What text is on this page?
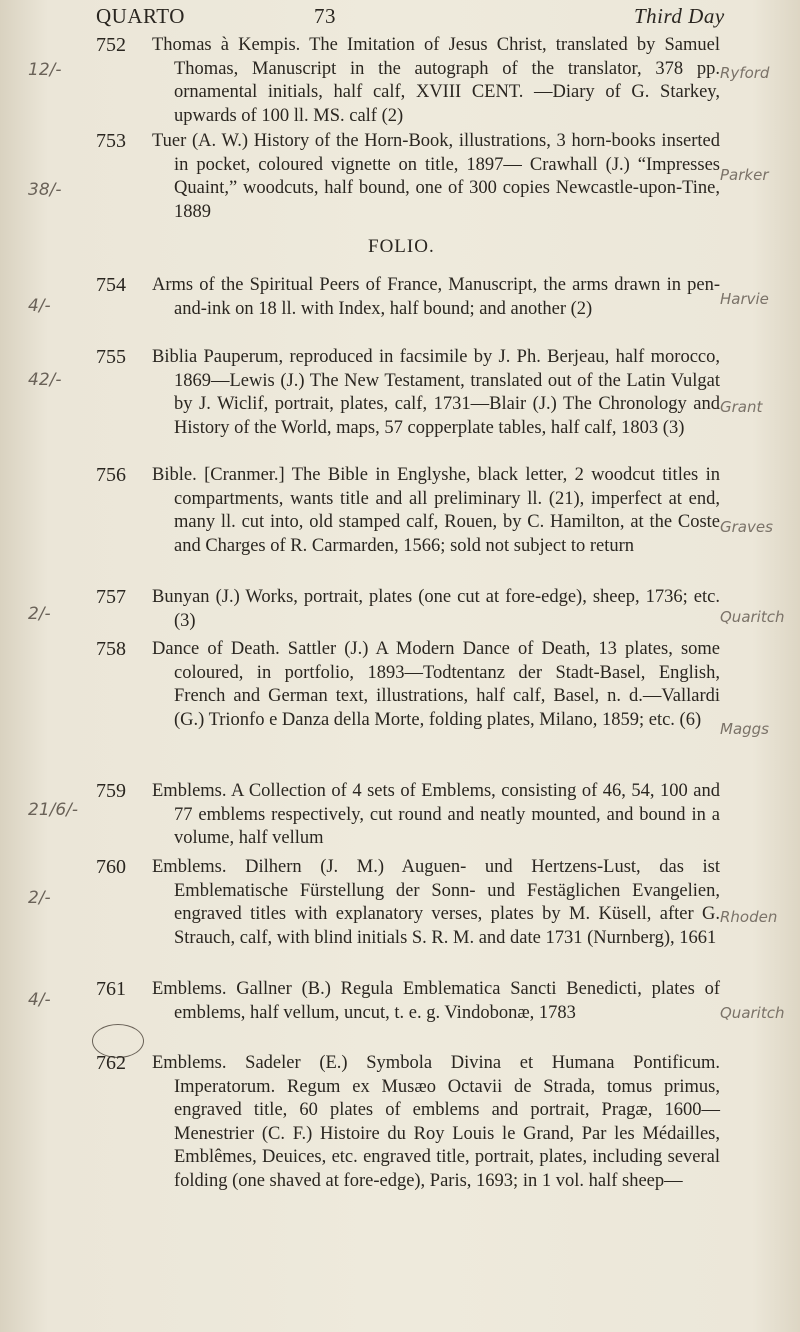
QUARTO	73	Third Day
752 Thomas à Kempis. The Imitation of Jesus Christ, translated by Samuel Thomas, Manuscript in the autograph of the translator, 378 pp. ornamental initials, half calf, XVIII CENT. —Diary of G. Starkey, upwards of 100 ll. MS. calf (2)

753 Tuer (A. W.) History of the Horn-Book, illustrations, 3 horn-books inserted in pocket, coloured vignette on title, 1897— Crawhall (J.) “Impresses Quaint,” woodcuts, half bound, one of 300 copies Newcastle-upon-Tine, 1889

FOLIO.
754 Arms of the Spiritual Peers of France, Manuscript, the arms drawn in pen-and-ink on 18 ll. with Index, half bound; and another (2)

755 Biblia Pauperum, reproduced in facsimile by J. Ph. Berjeau, half morocco, 1869—Lewis (J.) The New Testament, translated out of the Latin Vulgat by J. Wiclif, portrait, plates, calf, 1731—Blair (J.) The Chronology and History of the World, maps, 57 copperplate tables, half calf, 1803 (3)

756 Bible. [Cranmer.] The Bible in Englyshe, black letter, 2 woodcut titles in compartments, wants title and all preliminary ll. (21), imperfect at end, many ll. cut into, old stamped calf, Rouen, by C. Hamilton, at the Coste and Charges of R. Carmarden, 1566; sold not subject to return

757 Bunyan (J.) Works, portrait, plates (one cut at fore-edge), sheep, 1736; etc. (3)

758 Dance of Death. Sattler (J.) A Modern Dance of Death, 13 plates, some coloured, in portfolio, 1893—Todtentanz der Stadt-Basel, English, French and German text, illustrations, half calf, Basel, n. d.—Vallardi (G.) Trionfo e Danza della Morte, folding plates, Milano, 1859; etc. (6)

759 Emblems. A Collection of 4 sets of Emblems, consisting of 46, 54, 100 and 77 emblems respectively, cut round and neatly mounted, and bound in a volume, half vellum

760 Emblems. Dilhern (J. M.) Auguen- und Hertzens-Lust, das ist Emblematische Fürstellung der Sonn- und Festäglichen Evangelien, engraved titles with explanatory verses, plates by M. Küsell, after G. Strauch, calf, with blind initials S. R. M. and date 1731 (Nurnberg), 1661

761 Emblems. Gallner (B.) Regula Emblematica Sancti Benedicti, plates of emblems, half vellum, uncut, t. e. g. Vindobonæ, 1783

762 Emblems. Sadeler (E.) Symbola Divina et Humana Pontificum. Imperatorum. Regum ex Musæo Octavii de Strada, tomus primus, engraved title, 60 plates of emblems and portrait, Pragæ, 1600—Menestrier (C. F.) Histoire du Roy Louis le Grand, Par les Médailles, Emblêmes, Deuices, etc. engraved title, portrait, plates, including several folding (one shaved at fore-edge), Paris, 1693; in 1 vol. half sheep—

12/-
38/-
4/-
42/-
2/-
21/6/-
2/-
4/-
Ryford
Parker
Harvie
Grant
Graves
Quaritch
Maggs
Rhoden
Quaritch
